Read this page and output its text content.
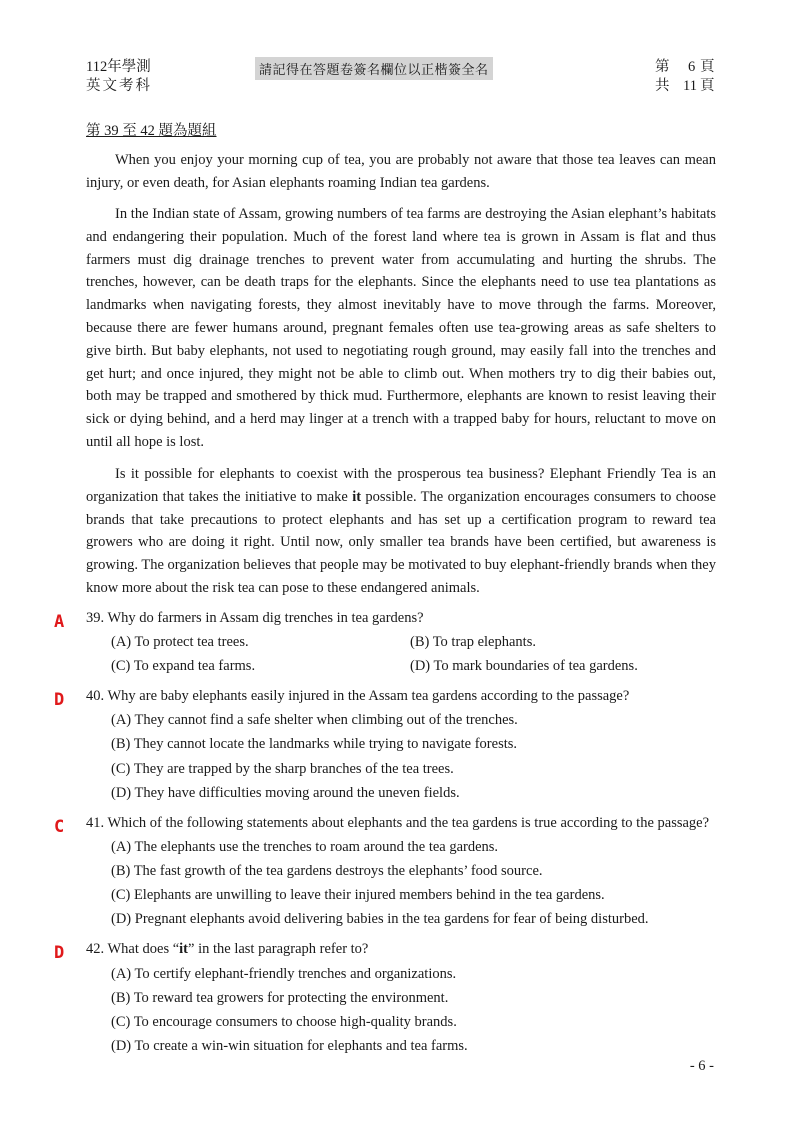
112年學測
英文考科
請記得在答題卷簽名欄位以正楷簽全名	第 6 頁
共 11 頁
第 39 至 42 題為題組

When you enjoy your morning cup of tea, you are probably not aware that those tea leaves can mean injury, or even death, for Asian elephants roaming Indian tea gardens.

In the Indian state of Assam, growing numbers of tea farms are destroying the Asian elephant’s habitats and endangering their population. Much of the forest land where tea is grown in Assam is flat and thus farmers must dig drainage trenches to prevent water from accumulating and hurting the shrubs. The trenches, however, can be death traps for the elephants. Since the elephants need to use tea plantations as landmarks when navigating forests, they almost inevitably have to move through the farms. Moreover, because there are fewer humans around, pregnant females often use tea-growing areas as safe shelters to give birth. But baby elephants, not used to negotiating rough ground, may easily fall into the trenches and get hurt; and once injured, they might not be able to climb out. When mothers try to dig their babies out, both may be trapped and smothered by thick mud. Furthermore, elephants are known to resist leaving their sick or dying behind, and a herd may linger at a trench with a trapped baby for hours, reluctant to move on until all hope is lost.

Is it possible for elephants to coexist with the prosperous tea business? Elephant Friendly Tea is an organization that takes the initiative to make it possible. The organization encourages consumers to choose brands that take precautions to protect elephants and has set up a certification program to reward tea growers who are doing it right. Until now, only smaller tea brands have been certified, but awareness is growing. The organization believes that people may be motivated to buy elephant-friendly brands when they know more about the risk tea can pose to these endangered animals.

A 39. Why do farmers in Assam dig trenches in tea gardens?
(A) To protect tea trees.	(B) To trap elephants.
(C) To expand tea farms.	(D) To mark boundaries of tea gardens.
D 40. Why are baby elephants easily injured in the Assam tea gardens according to the passage?
(A) They cannot find a safe shelter when climbing out of the trenches.
(B) They cannot locate the landmarks while trying to navigate forests.
(C) They are trapped by the sharp branches of the tea trees.
(D) They have difficulties moving around the uneven fields.
C 41. Which of the following statements about elephants and the tea gardens is true according to the passage?
(A) The elephants use the trenches to roam around the tea gardens.
(B) The fast growth of the tea gardens destroys the elephants’ food source.
(C) Elephants are unwilling to leave their injured members behind in the tea gardens.
(D) Pregnant elephants avoid delivering babies in the tea gardens for fear of being disturbed.
D 42. What does “it” in the last paragraph refer to?
(A) To certify elephant-friendly trenches and organizations.
(B) To reward tea growers for protecting the environment.
(C) To encourage consumers to choose high-quality brands.
(D) To create a win-win situation for elephants and tea farms.
- 6 -
